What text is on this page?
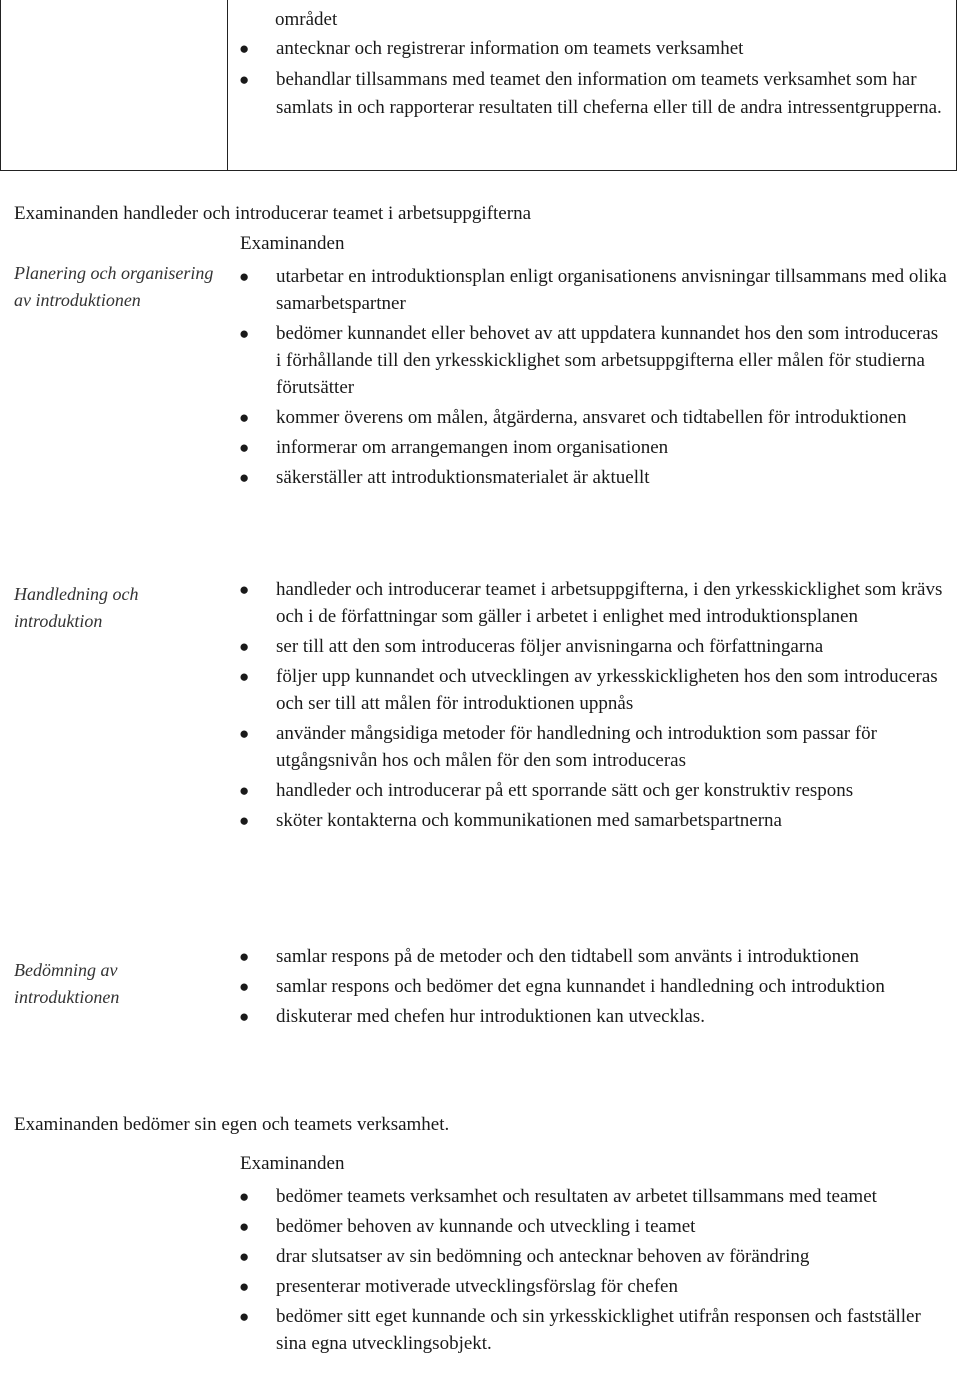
området
● antecknar och registrerar information om teamets verksamhet
● behandlar tillsammans med teamet den information om teamets verksamhet som har samlats in och rapporterar resultaten till cheferna eller till de andra intressentgrupperna.
Examinanden handleder och introducerar teamet i arbetsuppgifterna
Planering och organisering av introduktionen
Examinanden
● utarbetar en introduktionsplan enligt organisationens anvisningar tillsammans med olika samarbetspartner
● bedömer kunnandet eller behovet av att uppdatera kunnandet hos den som introduceras i förhållande till den yrkesskicklighet som arbetsuppgifterna eller målen för studierna förutsätter
● kommer överens om målen, åtgärderna, ansvaret och tidtabellen för introduktionen
● informerar om arrangemangen inom organisationen
● säkerställer att introduktionsmaterialet är aktuellt
Handledning och introduktion
● handleder och introducerar teamet i arbetsuppgifterna, i den yrkesskicklighet som krävs och i de författningar som gäller i arbetet i enlighet med introduktionsplanen
● ser till att den som introduceras följer anvisningarna och författningarna
● följer upp kunnandet och utvecklingen av yrkesskickligheten hos den som introduceras och ser till att målen för introduktionen uppnås
● använder mångsidiga metoder för handledning och introduktion som passar för utgångsnivån hos och målen för den som introduceras
● handleder och introducerar på ett sporrande sätt och ger konstruktiv respons
● sköter kontakterna och kommunikationen med samarbetspartnerna
Bedömning av introduktionen
● samlar respons på de metoder och den tidtabell som använts i introduktionen
● samlar respons och bedömer det egna kunnandet i handledning och introduktion
● diskuterar med chefen hur introduktionen kan utvecklas.
Examinanden bedömer sin egen och teamets verksamhet.
Examinanden
● bedömer teamets verksamhet och resultaten av arbetet tillsammans med teamet
● bedömer behoven av kunnande och utveckling i teamet
● drar slutsatser av sin bedömning och antecknar behoven av förändring
● presenterar motiverade utvecklingsförslag för chefen
● bedömer sitt eget kunnande och sin yrkesskicklighet utifrån responsen och fastställer sina egna utvecklingsobjekt.
